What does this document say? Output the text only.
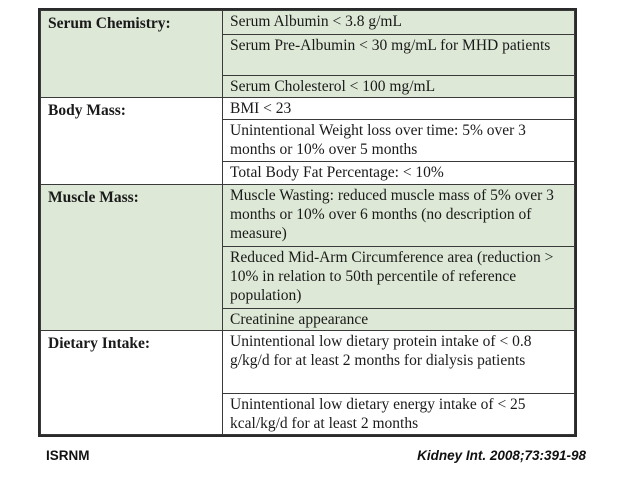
Serum Chemistry:	Serum Albumin < 3.8 g/mL
	Serum Pre-Albumin < 30 mg/mL for MHD patients
	Serum Cholesterol < 100 mg/mL
Body Mass:	BMI < 23
	Unintentional Weight loss over time: 5% over 3 months or 10% over 5 months
	Total Body Fat Percentage: < 10%
Muscle Mass:	Muscle Wasting: reduced muscle mass of 5% over 3 months or 10% over 6 months (no description of measure)
	Reduced Mid-Arm Circumference area (reduction > 10% in relation to 50th percentile of reference population)
	Creatinine appearance
Dietary Intake:	Unintentional low dietary protein intake of < 0.8 g/kg/d for at least 2 months for dialysis patients
	Unintentional low dietary energy intake of < 25 kcal/kg/d for at least 2 months
ISRNM	Kidney Int. 2008;73:391-98
